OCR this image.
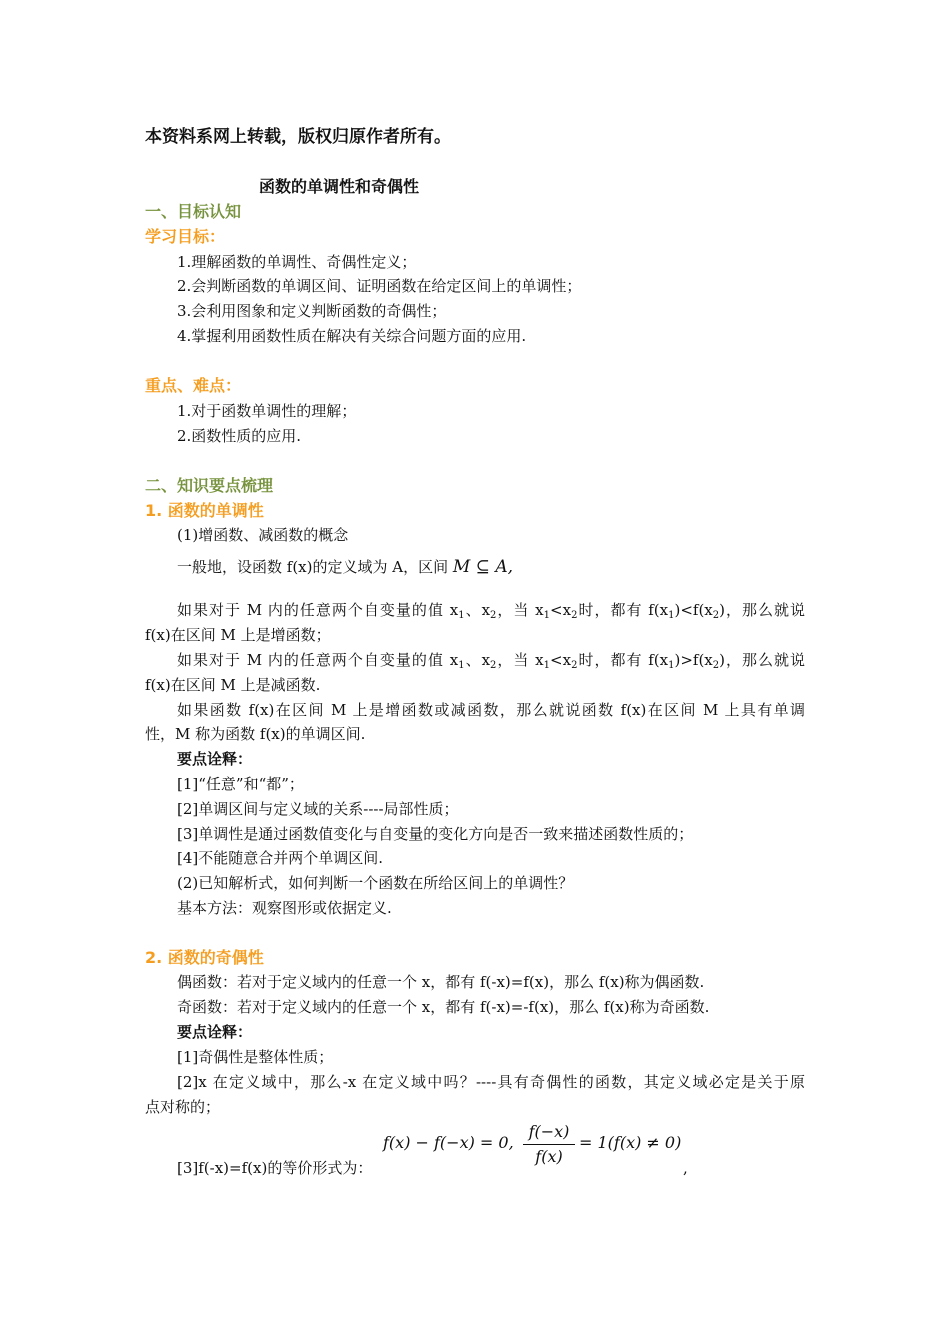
本资料系网上转载，版权归原作者所有。
函数的单调性和奇偶性
一、目标认知
学习目标：
1.理解函数的单调性、奇偶性定义；
2.会判断函数的单调区间、证明函数在给定区间上的单调性；
3.会利用图象和定义判断函数的奇偶性；
4.掌握利用函数性质在解决有关综合问题方面的应用.
重点、难点：
1.对于函数单调性的理解；
2.函数性质的应用.
二、知识要点梳理
1. 函数的单调性
(1)增函数、减函数的概念
一般地，设函数 f(x)的定义域为 A，区间 M ⊆ A,
如果对于 M 内的任意两个自变量的值 $x_1$、$x_2$，当 $x_1<x_2$时，都有 $f(x_1)<f(x_2)$，那么就说
f(x)在区间 M 上是增函数；
如果对于 M 内的任意两个自变量的值 $x_1$、$x_2$，当 $x_1<x_2$时，都有 $f(x_1)>f(x_2)$，那么就说
f(x)在区间 M 上是减函数.
如果函数 f(x)在区间 M 上是增函数或减函数，那么就说函数 f(x)在区间 M 上具有单调
性，M 称为函数 f(x)的单调区间.
要点诠释：
[1]“任意”和“都”；
[2]单调区间与定义域的关系----局部性质；
[3]单调性是通过函数值变化与自变量的变化方向是否一致来描述函数性质的；
[4]不能随意合并两个单调区间.
(2)已知解析式，如何判断一个函数在所给区间上的单调性？
基本方法：观察图形或依据定义.
2. 函数的奇偶性
偶函数：若对于定义域内的任意一个 x，都有 f(-x)=f(x)，那么 f(x)称为偶函数.
奇函数：若对于定义域内的任意一个 x，都有 f(-x)=-f(x)，那么 f(x)称为奇函数.
要点诠释：
[1]奇偶性是整体性质；
[2]x 在定义域中，那么-x 在定义域中吗？----具有奇偶性的函数，其定义域必定是关于原
点对称的；
[3]f(-x)=f(x)的等价形式为：
f(x) − f(−x) = 0,
f(−x)
f(x)
= 1(f(x) ≠ 0)
,
